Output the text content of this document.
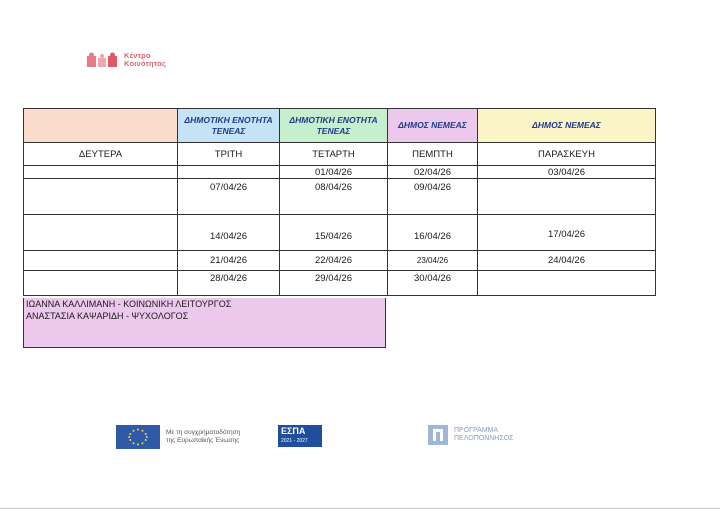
Κέντρο
Κοινότητας
	ΔΗΜΟΤΙΚΗ ΕΝΟΤΗΤΑ ΤΕΝΕΑΣ	ΔΗΜΟΤΙΚΗ ΕΝΟΤΗΤΑ ΤΕΝΕΑΣ	ΔΗΜΟΣ ΝΕΜΕΑΣ	ΔΗΜΟΣ ΝΕΜΕΑΣ
ΔΕΥΤΕΡΑ	ΤΡΙΤΗ	ΤΕΤΑΡΤΗ	ΠΕΜΠΤΗ	ΠΑΡΑΣΚΕΥΗ
		01/04/26	02/04/26	03/04/26
	07/04/26	08/04/26	09/04/26	
	14/04/26	15/04/26	16/04/26	17/04/26
	21/04/26	22/04/26	23/04/26	24/04/26
	28/04/26	29/04/26	30/04/26	
ΙΩΑΝΝΑ ΚΑΛΛΙΜΑΝΗ - ΚΟΙΝΩΝΙΚΗ ΛΕΙΤΟΥΡΓΟΣ
ΑΝΑΣΤΑΣΙΑ ΚΑΨΑΡΙΔΗ - ΨΥΧΟΛΟΓΟΣ
Με τη συγχρηματοδότηση
της Ευρωπαϊκής Ένωσης
ΕΣΠΑ
2021 - 2027
ΠΡΟΓΡΑΜΜΑ
ΠΕΛΟΠΟΝΝΗΣΟΣ
